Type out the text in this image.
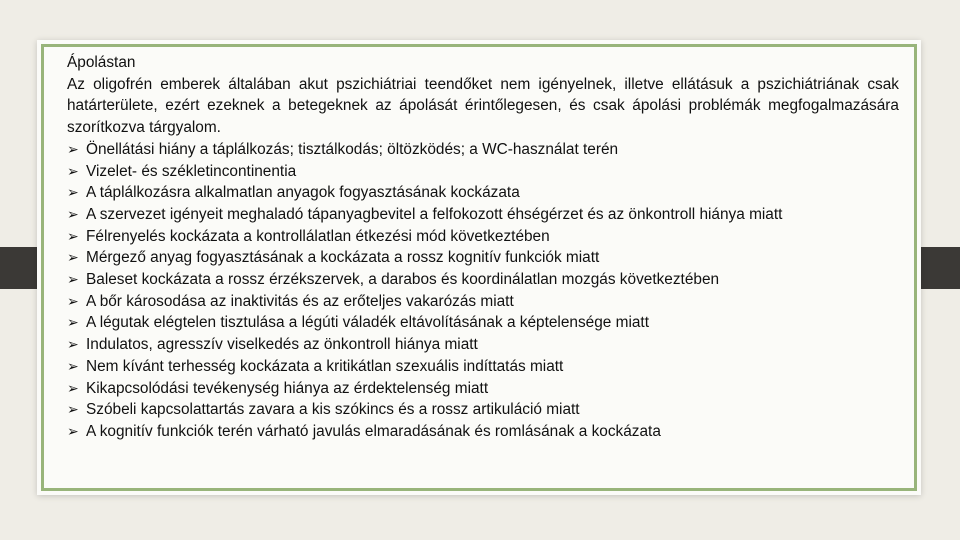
Ápolástan

Az oligofrén emberek általában akut pszichiátriai teendőket nem igényelnek, illetve ellátásuk a pszichiátriának csak határterülete, ezért ezeknek a betegeknek az ápolását érintőlegesen, és csak ápolási problémák megfogalmazására szorítkozva tárgyalom.

➢ Önellátási hiány a táplálkozás; tisztálkodás; öltözködés; a WC-használat terén
➢ Vizelet- és székletincontinentia
➢ A táplálkozásra alkalmatlan anyagok fogyasztásának kockázata
➢ A szervezet igényeit meghaladó tápanyagbevitel a felfokozott éhségérzet és az önkontroll hiánya miatt
➢ Félrenyelés kockázata a kontrollálatlan étkezési mód következtében
➢ Mérgező anyag fogyasztásának a kockázata a rossz kognitív funkciók miatt
➢ Baleset kockázata a rossz érzékszervek, a darabos és koordinálatlan mozgás következtében
➢ A bőr károsodása az inaktivitás és az erőteljes vakarózás miatt
➢ A légutak elégtelen tisztulása a légúti váladék eltávolításának a képtelensége miatt
➢ Indulatos, agresszív viselkedés az önkontroll hiánya miatt
➢ Nem kívánt terhesség kockázata a kritikátlan szexuális indíttatás miatt
➢ Kikapcsolódási tevékenység hiánya az érdektelenség miatt
➢ Szóbeli kapcsolattartás zavara a kis szókincs és a rossz artikuláció miatt
➢ A kognitív funkciók terén várható javulás elmaradásának és romlásának a kockázata
